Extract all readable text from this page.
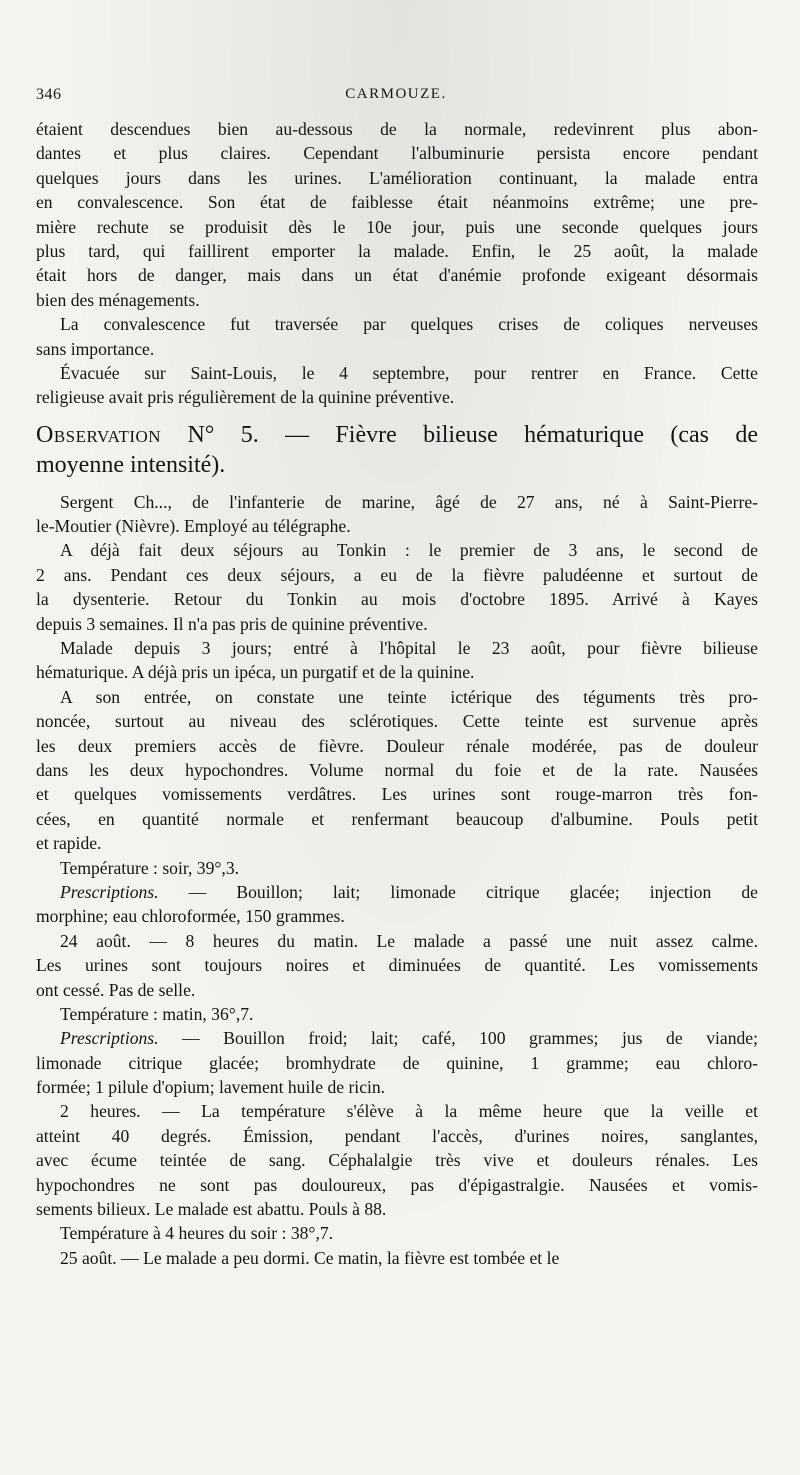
346	CARMOUZE.
étaient descendues bien au-dessous de la normale, redevinrent plus abon-
dantes et plus claires. Cependant l'albuminurie persista encore pendant
quelques jours dans les urines. L'amélioration continuant, la malade entra
en convalescence. Son état de faiblesse était néanmoins extrême; une pre-
mière rechute se produisit dès le 10e jour, puis une seconde quelques jours
plus tard, qui faillirent emporter la malade. Enfin, le 25 août, la malade
était hors de danger, mais dans un état d'anémie profonde exigeant désormais
bien des ménagements.
La convalescence fut traversée par quelques crises de coliques nerveuses
sans importance.
Évacuée sur Saint-Louis, le 4 septembre, pour rentrer en France. Cette
religieuse avait pris régulièrement de la quinine préventive.
Observation N° 5. — Fièvre bilieuse hématurique (cas de
moyenne intensité).
Sergent Ch..., de l'infanterie de marine, âgé de 27 ans, né à Saint-Pierre-
le-Moutier (Nièvre). Employé au télégraphe.
A déjà fait deux séjours au Tonkin : le premier de 3 ans, le second de
2 ans. Pendant ces deux séjours, a eu de la fièvre paludéenne et surtout de
la dysenterie. Retour du Tonkin au mois d'octobre 1895. Arrivé à Kayes
depuis 3 semaines. Il n'a pas pris de quinine préventive.
Malade depuis 3 jours; entré à l'hôpital le 23 août, pour fièvre bilieuse
hématurique. A déjà pris un ipéca, un purgatif et de la quinine.
A son entrée, on constate une teinte ictérique des téguments très pro-
noncée, surtout au niveau des sclérotiques. Cette teinte est survenue après
les deux premiers accès de fièvre. Douleur rénale modérée, pas de douleur
dans les deux hypochondres. Volume normal du foie et de la rate. Nausées
et quelques vomissements verdâtres. Les urines sont rouge-marron très fon-
cées, en quantité normale et renfermant beaucoup d'albumine. Pouls petit
et rapide.
Température : soir, 39°,3.
Prescriptions. — Bouillon; lait; limonade citrique glacée; injection de
morphine; eau chloroformée, 150 grammes.
24 août. — 8 heures du matin. Le malade a passé une nuit assez calme.
Les urines sont toujours noires et diminuées de quantité. Les vomissements
ont cessé. Pas de selle.
Température : matin, 36°,7.
Prescriptions. — Bouillon froid; lait; café, 100 grammes; jus de viande;
limonade citrique glacée; bromhydrate de quinine, 1 gramme; eau chloro-
formée; 1 pilule d'opium; lavement huile de ricin.
2 heures. — La température s'élève à la même heure que la veille et
atteint 40 degrés. Émission, pendant l'accès, d'urines noires, sanglantes,
avec écume teintée de sang. Céphalalgie très vive et douleurs rénales. Les
hypochondres ne sont pas douloureux, pas d'épigastralgie. Nausées et vomis-
sements bilieux. Le malade est abattu. Pouls à 88.
Température à 4 heures du soir : 38°,7.
25 août. — Le malade a peu dormi. Ce matin, la fièvre est tombée et le
